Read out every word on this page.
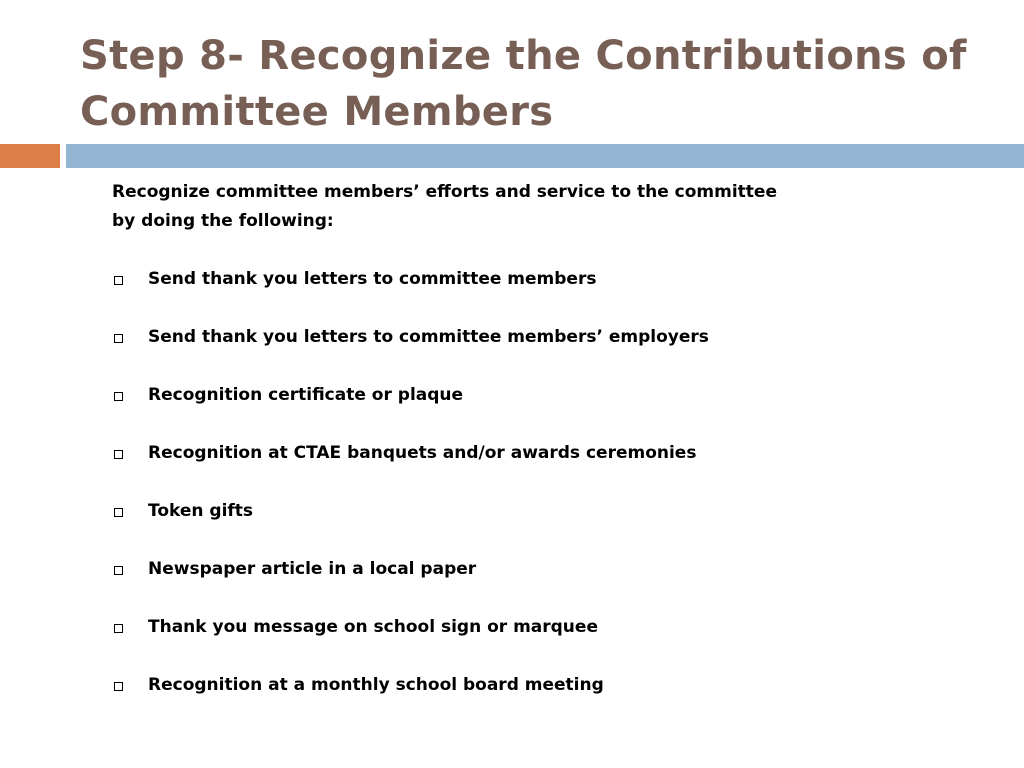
Step 8- Recognize the Contributions of Committee Members

Recognize committee members’ efforts and service to the committee by doing the following:

Send thank you letters to committee members
Send thank you letters to committee members’ employers
Recognition certificate or plaque
Recognition at CTAE banquets and/or awards ceremonies
Token gifts
Newspaper article in a local paper
Thank you message on school sign or marquee
Recognition at a monthly school board meeting
